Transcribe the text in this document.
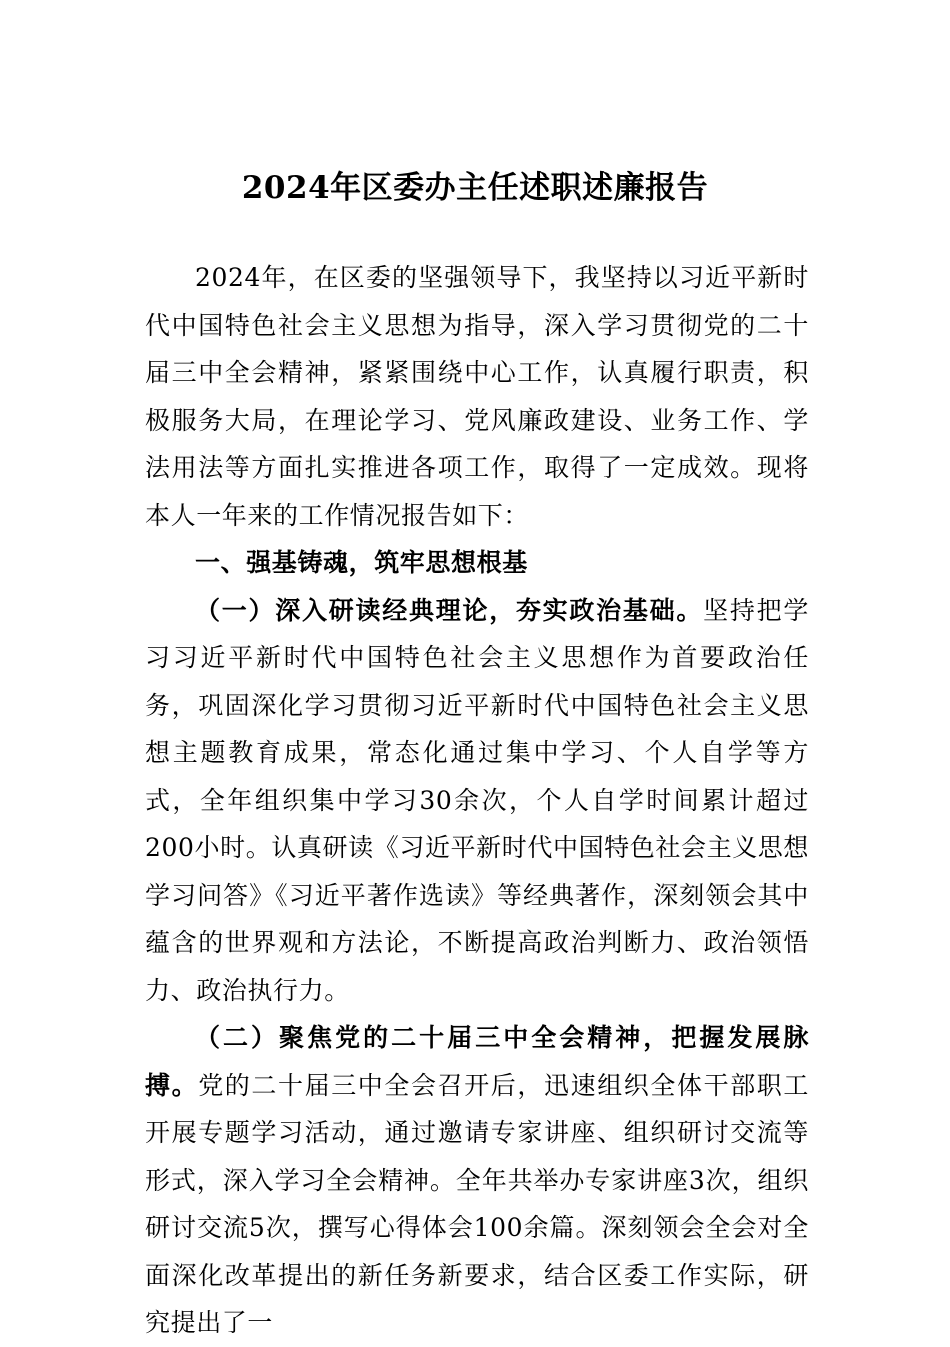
2024年区委办主任述职述廉报告

2024年，在区委的坚强领导下，我坚持以习近平新时代中国特色社会主义思想为指导，深入学习贯彻党的二十届三中全会精神，紧紧围绕中心工作，认真履行职责，积极服务大局，在理论学习、党风廉政建设、业务工作、学法用法等方面扎实推进各项工作，取得了一定成效。现将本人一年来的工作情况报告如下：

一、强基铸魂，筑牢思想根基

（一）深入研读经典理论，夯实政治基础。坚持把学习习近平新时代中国特色社会主义思想作为首要政治任务，巩固深化学习贯彻习近平新时代中国特色社会主义思想主题教育成果，常态化通过集中学习、个人自学等方式，全年组织集中学习30余次，个人自学时间累计超过200小时。认真研读《习近平新时代中国特色社会主义思想学习问答》《习近平著作选读》等经典著作，深刻领会其中蕴含的世界观和方法论，不断提高政治判断力、政治领悟力、政治执行力。

（二）聚焦党的二十届三中全会精神，把握发展脉搏。党的二十届三中全会召开后，迅速组织全体干部职工开展专题学习活动，通过邀请专家讲座、组织研讨交流等形式，深入学习全会精神。全年共举办专家讲座3次，组织研讨交流5次，撰写心得体会100余篇。深刻领会全会对全面深化改革提出的新任务新要求，结合区委工作实际，研究提出了一
